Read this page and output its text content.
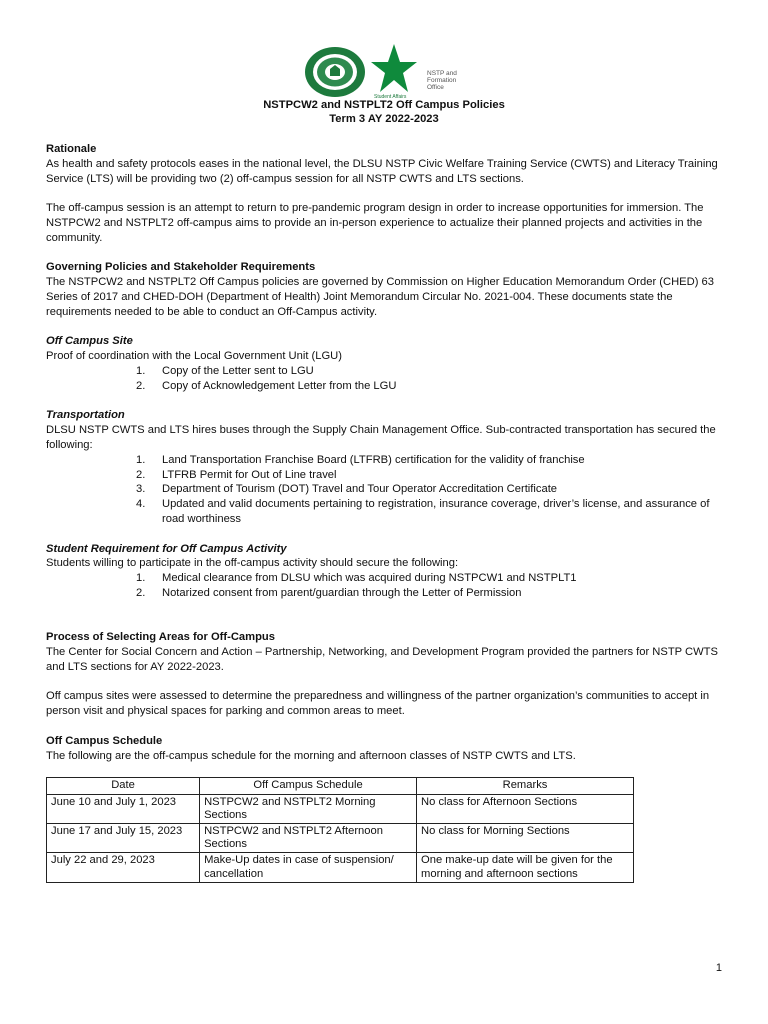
Student Affairs
NSTP and
Formation
Office
NSTPCW2 and NSTPLT2 Off Campus Policies
Term 3 AY 2022-2023

Rationale

As health and safety protocols eases in the national level, the DLSU NSTP Civic Welfare Training Service (CWTS) and Literacy Training Service (LTS) will be providing two (2) off-campus session for all NSTP CWTS and LTS sections.

The off-campus session is an attempt to return to pre-pandemic program design in order to increase opportunities for immersion. The NSTPCW2 and NSTPLT2 off-campus aims to provide an in-person experience to actualize their planned projects and activities in the community.

Governing Policies and Stakeholder Requirements

The NSTPCW2 and NSTPLT2 Off Campus policies are governed by Commission on Higher Education Memorandum Order (CHED) 63 Series of 2017 and CHED-DOH (Department of Health) Joint Memorandum Circular No. 2021-004. These documents state the requirements needed to be able to conduct an Off-Campus activity.

Off Campus Site

Proof of coordination with the Local Government Unit (LGU)

1. Copy of the Letter sent to LGU
2. Copy of Acknowledgement Letter from the LGU

Transportation

DLSU NSTP CWTS and LTS hires buses through the Supply Chain Management Office. Sub-contracted transportation has secured the following:

1. Land Transportation Franchise Board (LTFRB) certification for the validity of franchise
2. LTFRB Permit for Out of Line travel
3. Department of Tourism (DOT) Travel and Tour Operator Accreditation Certificate
4. Updated and valid documents pertaining to registration, insurance coverage, driver’s license, and assurance of road worthiness

Student Requirement for Off Campus Activity

Students willing to participate in the off-campus activity should secure the following:

1. Medical clearance from DLSU which was acquired during NSTPCW1 and NSTPLT1
2. Notarized consent from parent/guardian through the Letter of Permission

Process of Selecting Areas for Off-Campus

The Center for Social Concern and Action – Partnership, Networking, and Development Program provided the partners for NSTP CWTS and LTS sections for AY 2022-2023.

Off campus sites were assessed to determine the preparedness and willingness of the partner organization’s communities to accept in person visit and physical spaces for parking and common areas to meet.

Off Campus Schedule

The following are the off-campus schedule for the morning and afternoon classes of NSTP CWTS and LTS.

Date	Off Campus Schedule	Remarks
June 10 and July 1, 2023	NSTPCW2 and NSTPLT2 Morning Sections	No class for Afternoon Sections
June 17 and July 15, 2023	NSTPCW2 and NSTPLT2 Afternoon Sections	No class for Morning Sections
July 22 and 29, 2023	Make-Up dates in case of suspension/ cancellation	One make-up date will be given for the morning and afternoon sections
1
